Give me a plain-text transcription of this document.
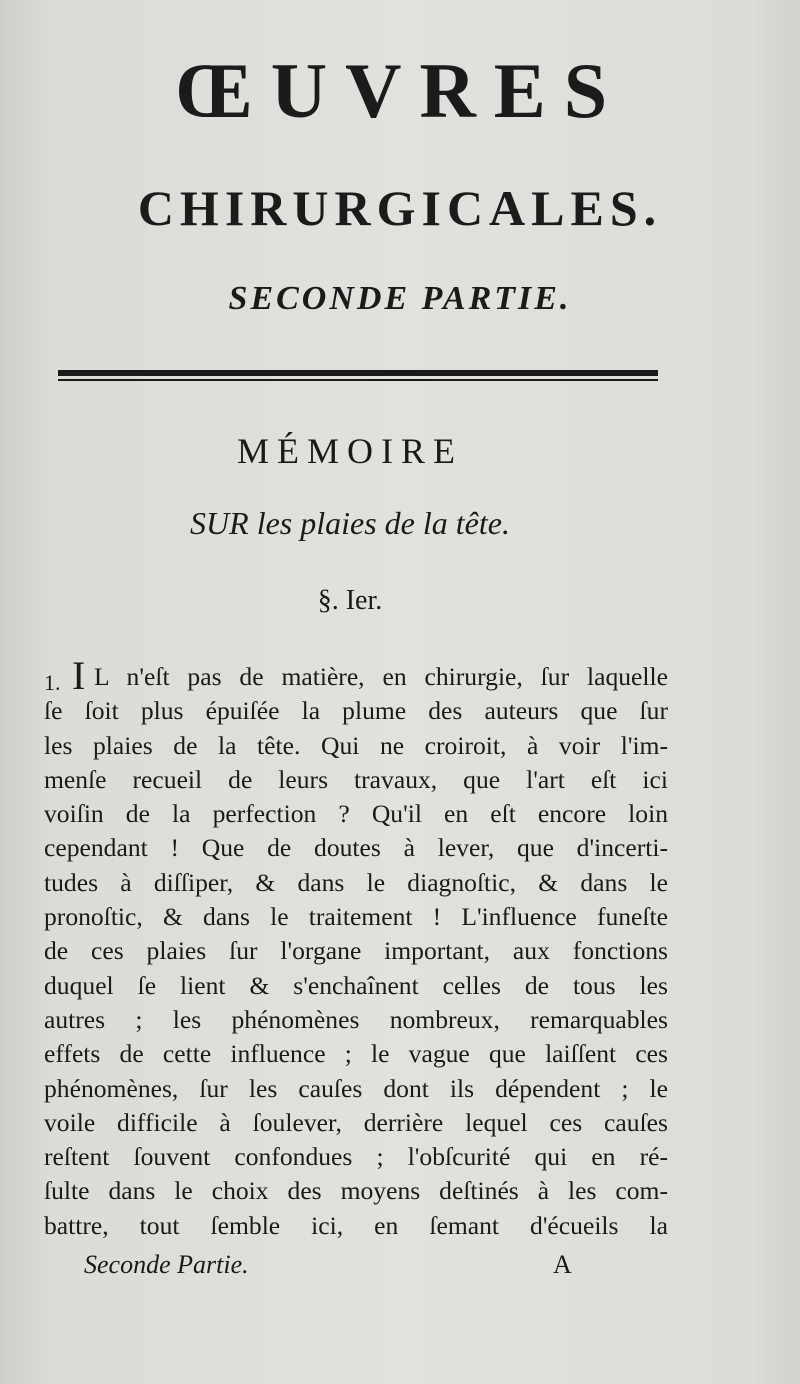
ŒUVRES
CHIRURGICALES.
SECONDE PARTIE.
MÉMOIRE
SUR les plaies de la tête.
§. Ier.
1. I L n'eſt pas de matière, en chirurgie, ſur laquelle
ſe ſoit plus épuiſée la plume des auteurs que ſur
les plaies de la tête. Qui ne croiroit, à voir l'im-
menſe recueil de leurs travaux, que l'art eſt ici
voiſin de la perfection ? Qu'il en eſt encore loin
cependant ! Que de doutes à lever, que d'incerti-
tudes à diſſiper, & dans le diagnoſtic, & dans le
pronoſtic, & dans le traitement ! L'influence funeſte
de ces plaies ſur l'organe important, aux fonctions
duquel ſe lient & s'enchaînent celles de tous les
autres ; les phénomènes nombreux, remarquables
effets de cette influence ; le vague que laiſſent ces
phénomènes, ſur les cauſes dont ils dépendent ; le
voile difficile à ſoulever, derrière lequel ces cauſes
reſtent ſouvent confondues ; l'obſcurité qui en ré-
ſulte dans le choix des moyens deſtinés à les com-
battre, tout ſemble ici, en ſemant d'écueils la
Seconde Partie.	A
